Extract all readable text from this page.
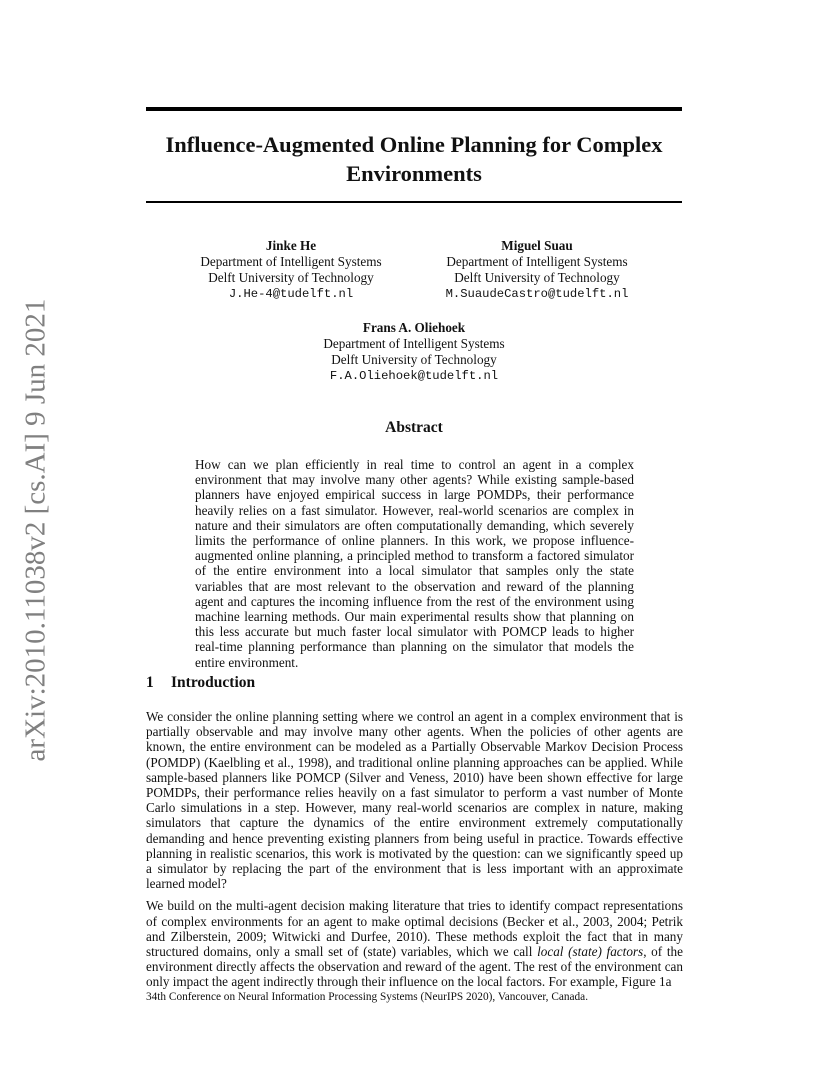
arXiv:2010.11038v2 [cs.AI] 9 Jun 2021
Influence-Augmented Online Planning for Complex
Environments
Jinke He
Department of Intelligent Systems
Delft University of Technology
J.He-4@tudelft.nl
Miguel Suau
Department of Intelligent Systems
Delft University of Technology
M.SuaudeCastro@tudelft.nl
Frans A. Oliehoek
Department of Intelligent Systems
Delft University of Technology
F.A.Oliehoek@tudelft.nl
Abstract

How can we plan efficiently in real time to control an agent in a complex environment that may involve many other agents? While existing sample-based planners have enjoyed empirical success in large POMDPs, their performance heavily relies on a fast simulator. However, real-world scenarios are complex in nature and their simulators are often computationally demanding, which severely limits the performance of online planners. In this work, we propose influence-augmented online planning, a principled method to transform a factored simulator of the entire environment into a local simulator that samples only the state variables that are most relevant to the observation and reward of the planning agent and captures the incoming influence from the rest of the environment using machine learning methods. Our main experimental results show that planning on this less accurate but much faster local simulator with POMCP leads to higher real-time planning performance than planning on the simulator that models the entire environment.

1 Introduction

We consider the online planning setting where we control an agent in a complex environment that is partially observable and may involve many other agents. When the policies of other agents are known, the entire environment can be modeled as a Partially Observable Markov Decision Process (POMDP) (Kaelbling et al., 1998), and traditional online planning approaches can be applied. While sample-based planners like POMCP (Silver and Veness, 2010) have been shown effective for large POMDPs, their performance relies heavily on a fast simulator to perform a vast number of Monte Carlo simulations in a step. However, many real-world scenarios are complex in nature, making simulators that capture the dynamics of the entire environment extremely computationally demanding and hence preventing existing planners from being useful in practice. Towards effective planning in realistic scenarios, this work is motivated by the question: can we significantly speed up a simulator by replacing the part of the environment that is less important with an approximate learned model?

We build on the multi-agent decision making literature that tries to identify compact representations of complex environments for an agent to make optimal decisions (Becker et al., 2003, 2004; Petrik and Zilberstein, 2009; Witwicki and Durfee, 2010). These methods exploit the fact that in many structured domains, only a small set of (state) variables, which we call local (state) factors, of the environment directly affects the observation and reward of the agent. The rest of the environment can only impact the agent indirectly through their influence on the local factors. For example, Figure 1a

34th Conference on Neural Information Processing Systems (NeurIPS 2020), Vancouver, Canada.
